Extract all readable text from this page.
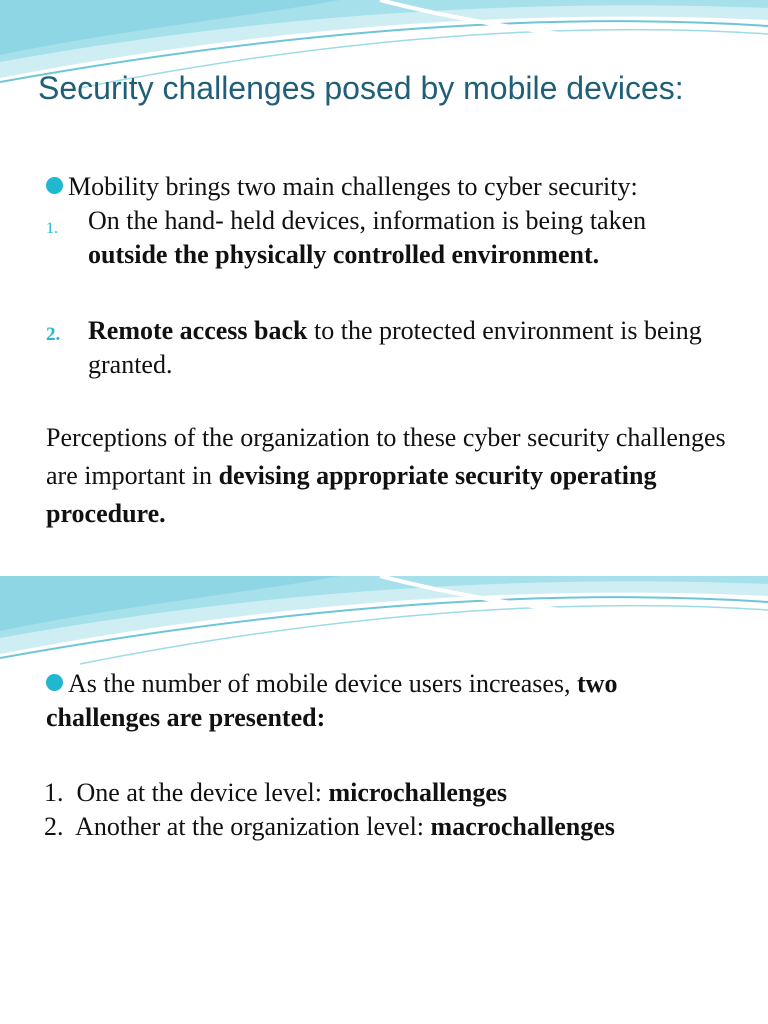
Security challenges posed by mobile devices:
Mobility brings two main challenges to cyber security:
1. On the hand- held devices, information is being taken
outside the physically controlled environment.
2. Remote access back to the protected environment is being granted.

Perceptions of the organization to these cyber security challenges are important in devising appropriate security operating procedure.

As the number of mobile device users increases, two challenges are presented:
1. One at the device level: microchallenges
2. Another at the organization level: macrochallenges
